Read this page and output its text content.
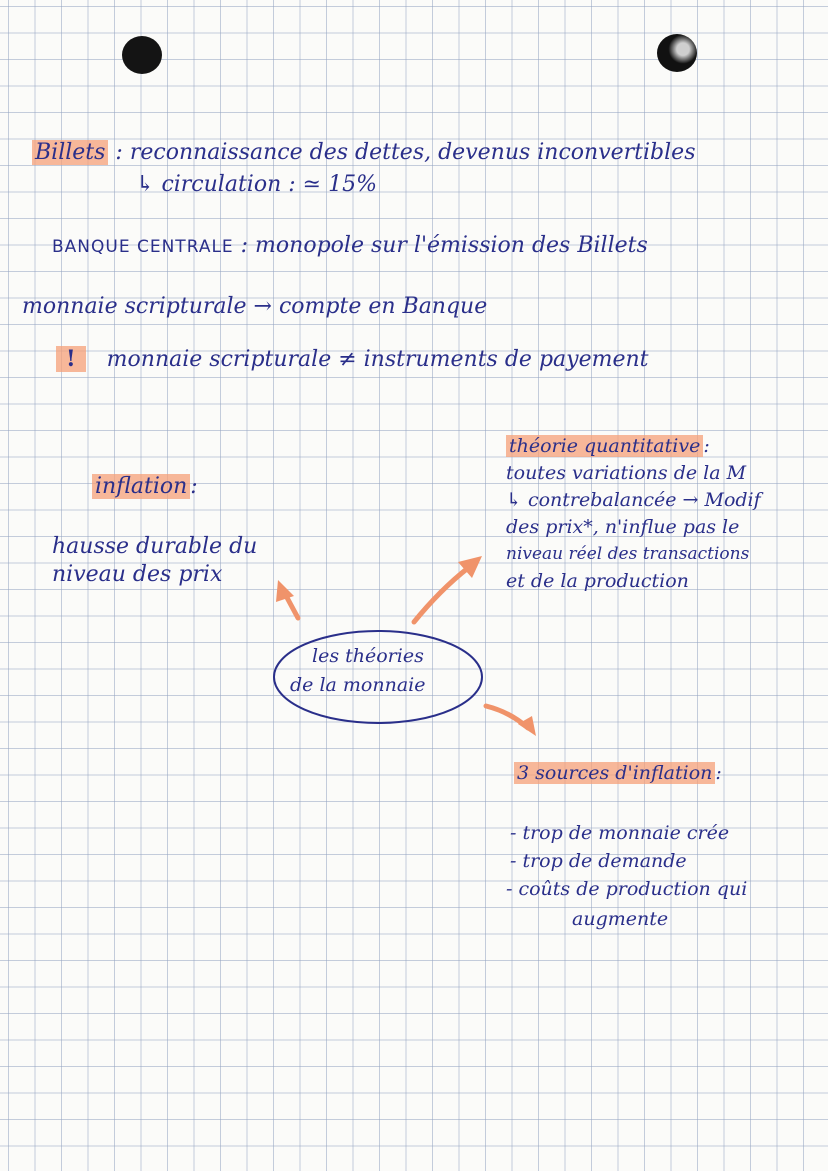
Billets : reconnaissance des dettes, devenus inconvertibles
↳ circulation : ≃ 15%
BANQUE CENTRALE : monopole sur l'émission des Billets
monnaie scripturale → compte en Banque
! monnaie scripturale ≠ instruments de payement
théorie quantitative :
toutes variations de la M
↳ contrebalancée → Modif
des prix*, n'influe pas le
niveau réel des transactions
et de la production
inflation :
hausse durable du
niveau des prix
les théories
de la monnaie
3 sources d'inflation :
- trop de monnaie crée
- trop de demande
- coûts de production qui
augmente
